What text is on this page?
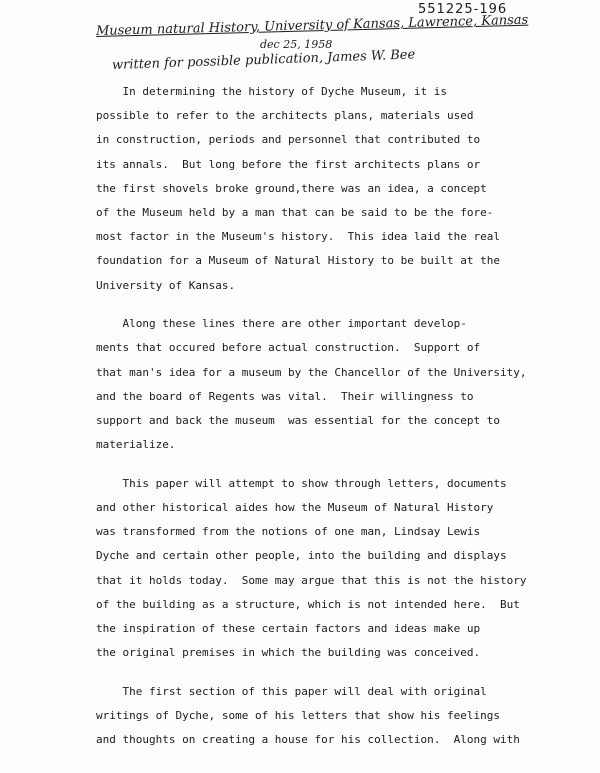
551225-196
Museum natural History, University of Kansas, Lawrence, Kansas
dec 25, 1958
written for possible publication, James W. Bee
In determining the history of Dyche Museum, it is
possible to refer to the architects plans, materials used
in construction, periods and personnel that contributed to
its annals.  But long before the first architects plans or
the first shovels broke ground,there was an idea, a concept
of the Museum held by a man that can be said to be the fore-
most factor in the Museum's history.  This idea laid the real
foundation for a Museum of Natural History to be built at the
University of Kansas.
Along these lines there are other important develop-
ments that occured before actual construction.  Support of
that man's idea for a museum by the Chancellor of the University,
and the board of Regents was vital.  Their willingness to
support and back the museum  was essential for the concept to
materialize.
This paper will attempt to show through letters, documents
and other historical aides how the Museum of Natural History
was transformed from the notions of one man, Lindsay Lewis
Dyche and certain other people, into the building and displays
that it holds today.  Some may argue that this is not the history
of the building as a structure, which is not intended here.  But
the inspiration of these certain factors and ideas make up
the original premises in which the building was conceived.
The first section of this paper will deal with original
writings of Dyche, some of his letters that show his feelings
and thoughts on creating a house for his collection.  Along with
